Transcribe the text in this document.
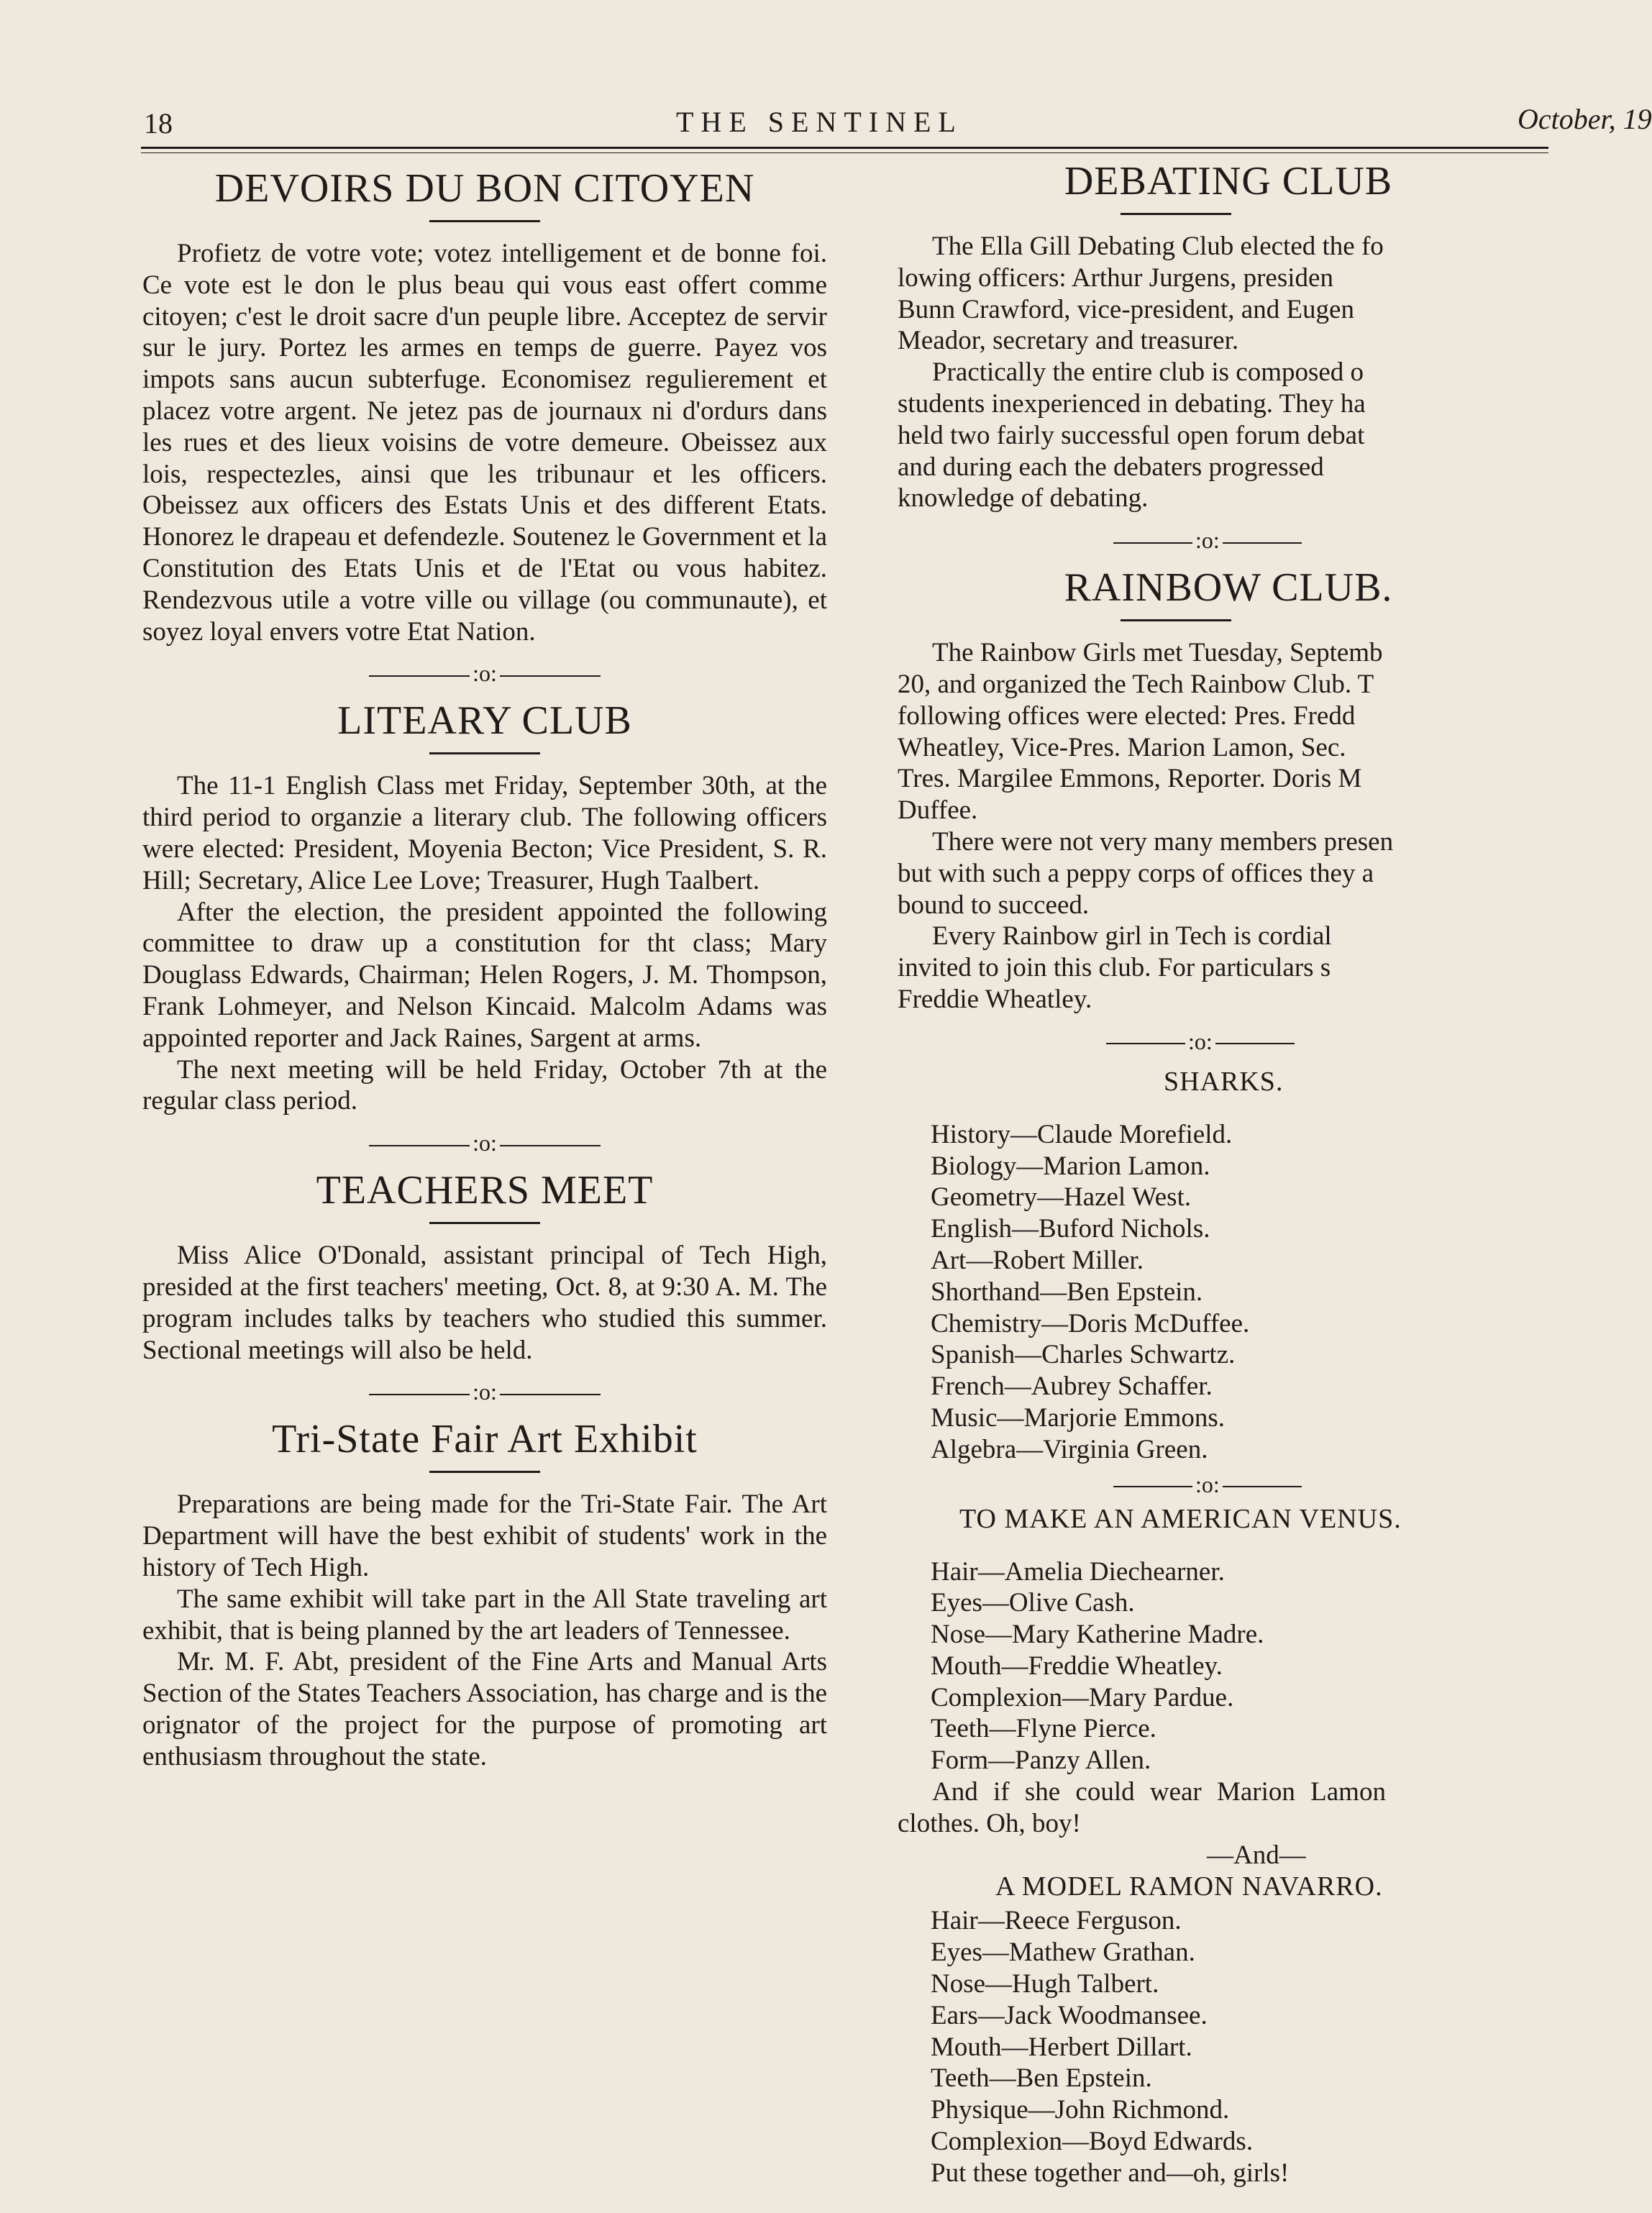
18	THE SENTINEL	October, 19
DEVOIRS DU BON CITOYEN

Profietz de votre vote; votez intelligement et de bonne foi. Ce vote est le don le plus beau qui vous east offert comme citoyen; c'est le droit sacre d'un peuple libre. Acceptez de servir sur le jury. Portez les armes en temps de guerre. Payez vos impots sans aucun subterfuge. Economisez regulierement et placez votre argent. Ne jetez pas de journaux ni d'ordurs dans les rues et des lieux voisins de votre demeure. Obeissez aux lois, respectezles, ainsi que les tribunaur et les officers. Obeissez aux officers des Estats Unis et des different Etats. Honorez le drapeau et defendezle. Soutenez le Government et la Constitution des Etats Unis et de l'Etat ou vous habitez. Rendezvous utile a votre ville ou village (ou communaute), et soyez loyal envers votre Etat Nation.

:o:
LITEARY CLUB

The 11-1 English Class met Friday, September 30th, at the third period to organzie a literary club. The following officers were elected: President, Moyenia Becton; Vice President, S. R. Hill; Secretary, Alice Lee Love; Treasurer, Hugh Taalbert.

After the election, the president appointed the following committee to draw up a constitution for tht class; Mary Douglass Edwards, Chairman; Helen Rogers, J. M. Thompson, Frank Lohmeyer, and Nelson Kincaid. Malcolm Adams was appointed reporter and Jack Raines, Sargent at arms.

The next meeting will be held Friday, October 7th at the regular class period.

:o:
TEACHERS MEET

Miss Alice O'Donald, assistant principal of Tech High, presided at the first teachers' meeting, Oct. 8, at 9:30 A. M. The program includes talks by teachers who studied this summer. Sectional meetings will also be held.

:o:
Tri-State Fair Art Exhibit

Preparations are being made for the Tri-State Fair. The Art Department will have the best exhibit of students' work in the history of Tech High.

The same exhibit will take part in the All State traveling art exhibit, that is being planned by the art leaders of Tennessee.

Mr. M. F. Abt, president of the Fine Arts and Manual Arts Section of the States Teachers Association, has charge and is the orignator of the project for the purpose of promoting art enthusiasm throughout the state.

DEBATING CLUB
The Ella Gill Debating Club elected the fo
lowing officers: Arthur Jurgens, presiden
Bunn Crawford, vice-president, and Eugen
Meador, secretary and treasurer.
Practically the entire club is composed o
students inexperienced in debating. They ha
held two fairly successful open forum debat
and during each the debaters progressed
knowledge of debating.
:o:
RAINBOW CLUB.
The Rainbow Girls met Tuesday, Septemb
20, and organized the Tech Rainbow Club. T
following offices were elected: Pres. Fredd
Wheatley, Vice-Pres. Marion Lamon, Sec.
Tres. Margilee Emmons, Reporter. Doris M
Duffee.
There were not very many members presen
but with such a peppy corps of offices they a
bound to succeed.
Every Rainbow girl in Tech is cordial
invited to join this club. For particulars s
Freddie Wheatley.
:o:
SHARKS.
History—Claude Morefield.
Biology—Marion Lamon.
Geometry—Hazel West.
English—Buford Nichols.
Art—Robert Miller.
Shorthand—Ben Epstein.
Chemistry—Doris McDuffee.
Spanish—Charles Schwartz.
French—Aubrey Schaffer.
Music—Marjorie Emmons.
Algebra—Virginia Green.
:o:
TO MAKE AN AMERICAN VENUS.
Hair—Amelia Diechearner.
Eyes—Olive Cash.
Nose—Mary Katherine Madre.
Mouth—Freddie Wheatley.
Complexion—Mary Pardue.
Teeth—Flyne Pierce.
Form—Panzy Allen.
And if she could wear Marion Lamon
clothes. Oh, boy!
—And—
A MODEL RAMON NAVARRO.
Hair—Reece Ferguson.
Eyes—Mathew Grathan.
Nose—Hugh Talbert.
Ears—Jack Woodmansee.
Mouth—Herbert Dillart.
Teeth—Ben Epstein.
Physique—John Richmond.
Complexion—Boyd Edwards.
Put these together and—oh, girls!
